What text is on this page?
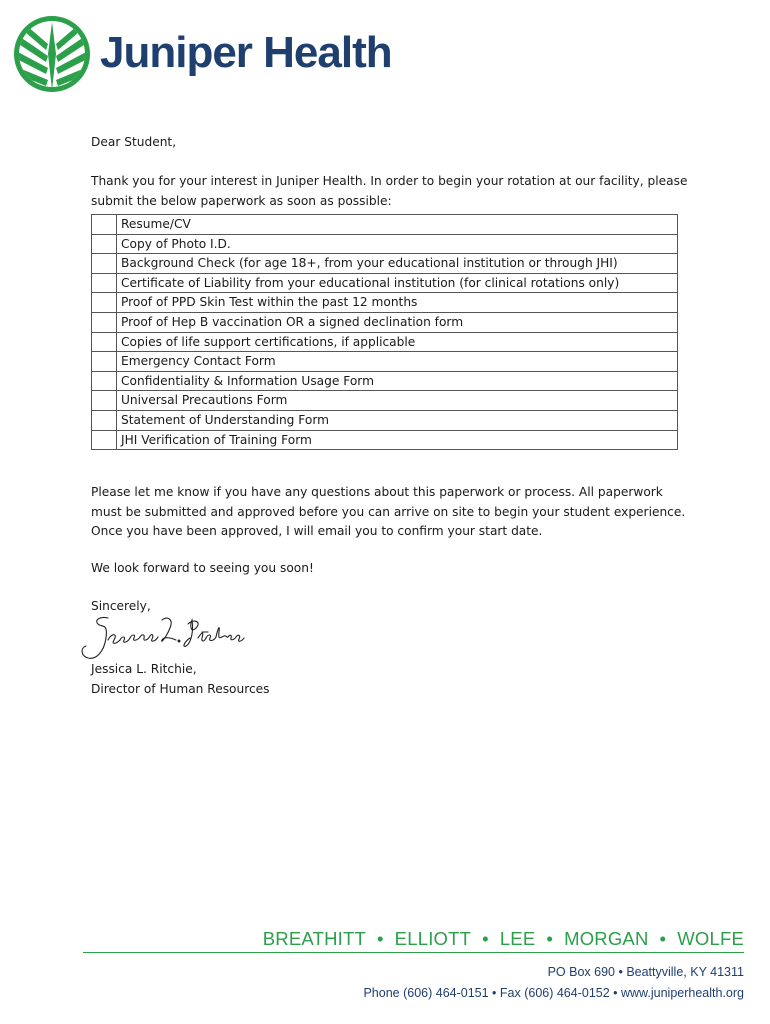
Juniper Health

Dear Student,

Thank you for your interest in Juniper Health. In order to begin your rotation at our facility, please submit the below paperwork as soon as possible:

	Resume/CV
	Copy of Photo I.D.
	Background Check (for age 18+, from your educational institution or through JHI)
	Certificate of Liability from your educational institution (for clinical rotations only)
	Proof of PPD Skin Test within the past 12 months
	Proof of Hep B vaccination OR a signed declination form
	Copies of life support certifications, if applicable
	Emergency Contact Form
	Confidentiality & Information Usage Form
	Universal Precautions Form
	Statement of Understanding Form
	JHI Verification of Training Form

Please let me know if you have any questions about this paperwork or process. All paperwork must be submitted and approved before you can arrive on site to begin your student experience. Once you have been approved, I will email you to confirm your start date.

We look forward to seeing you soon!

Sincerely,

Jessica L. Ritchie,

Director of Human Resources

BREATHITT • ELLIOTT • LEE • MORGAN • WOLFE

PO Box 690 • Beattyville, KY 41311

Phone (606) 464-0151 • Fax (606) 464-0152 • www.juniperhealth.org
